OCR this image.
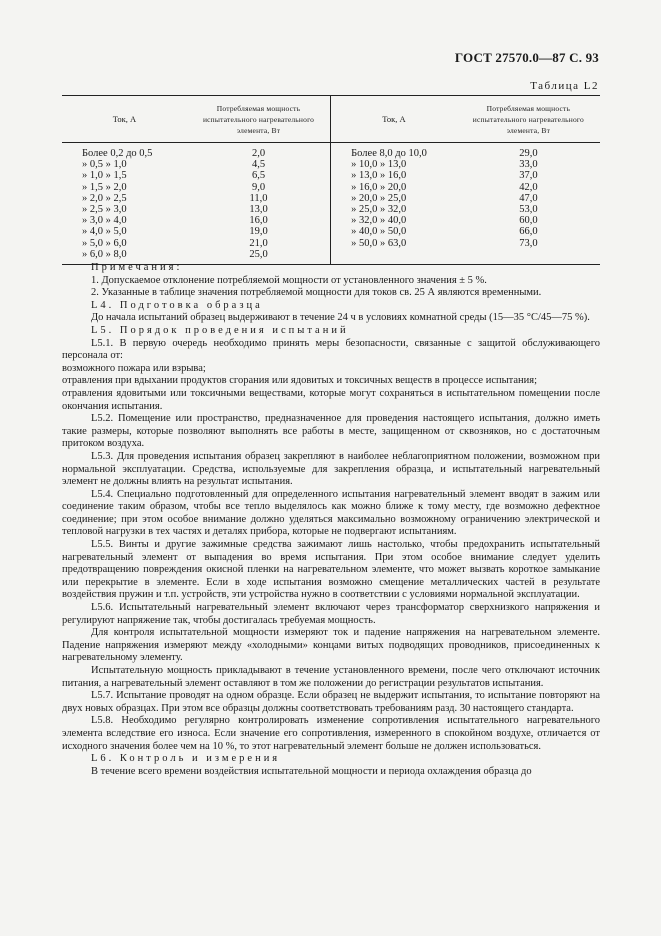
ГОСТ 27570.0—87 С. 93
Таблица L2
Ток, А	Потребляемая мощность испытательного нагревательного элемента, Вт	Ток, А	Потребляемая мощность испытательного нагревательного элемента, Вт
Более 0,2 до 0,5	2,0	Более 8,0 до 10,0	29,0
» 0,5 » 1,0	4,5	» 10,0 » 13,0	33,0
» 1,0 » 1,5	6,5	» 13,0 » 16,0	37,0
» 1,5 » 2,0	9,0	» 16,0 » 20,0	42,0
» 2,0 » 2,5	11,0	» 20,0 » 25,0	47,0
» 2,5 » 3,0	13,0	» 25,0 » 32,0	53,0
» 3,0 » 4,0	16,0	» 32,0 » 40,0	60,0
» 4,0 » 5,0	19,0	» 40,0 » 50,0	66,0
» 5,0 » 6,0	21,0	» 50,0 » 63,0	73,0
» 6,0 » 8,0	25,0		

Примечания:

1. Допускаемое отклонение потребляемой мощности от установленного значения ± 5 %.

2. Указанные в таблице значения потребляемой мощности для токов св. 25 А являются временными.

L4. Подготовка образца

До начала испытаний образец выдерживают в течение 24 ч в условиях комнатной среды (15—35 °С/45—75 %).

L5. Порядок проведения испытаний

L5.1. В первую очередь необходимо принять меры безопасности, связанные с защитой обслуживающего персонала от:

возможного пожара или взрыва;

отравления при вдыхании продуктов сгорания или ядовитых и токсичных веществ в процессе испытания;

отравления ядовитыми или токсичными веществами, которые могут сохраняться в испытательном помещении после окончания испытания.

L5.2. Помещение или пространство, предназначенное для проведения настоящего испытания, должно иметь такие размеры, которые позволяют выполнять все работы в месте, защищенном от сквозняков, но с достаточным притоком воздуха.

L5.3. Для проведения испытания образец закрепляют в наиболее неблагоприятном положении, возможном при нормальной эксплуатации. Средства, используемые для закрепления образца, и испытательный нагревательный элемент не должны влиять на результат испытания.

L5.4. Специально подготовленный для определенного испытания нагревательный элемент вводят в зажим или соединение таким образом, чтобы все тепло выделялось как можно ближе к тому месту, где возможно дефектное соединение; при этом особое внимание должно уделяться максимально возможному ограничению электрической и тепловой нагрузки в тех частях и деталях прибора, которые не подвергают испытаниям.

L5.5. Винты и другие зажимные средства зажимают лишь настолько, чтобы предохранить испытательный нагревательный элемент от выпадения во время испытания. При этом особое внимание следует уделить предотвращению повреждения окисной пленки на нагревательном элементе, что может вызвать короткое замыкание или перекрытие в элементе. Если в ходе испытания возможно смещение металлических частей в результате воздействия пружин и т.п. устройств, эти устройства нужно в соответствии с условиями нормальной эксплуатации.

L5.6. Испытательный нагревательный элемент включают через трансформатор сверхнизкого напряжения и регулируют напряжение так, чтобы достигалась требуемая мощность.

Для контроля испытательной мощности измеряют ток и падение напряжения на нагревательном элементе. Падение напряжения измеряют между «холодными» концами витых подводящих проводников, присоединенных к нагревательному элементу.

Испытательную мощность прикладывают в течение установленного времени, после чего отключают источник питания, а нагревательный элемент оставляют в том же положении до регистрации результатов испытания.

L5.7. Испытание проводят на одном образце. Если образец не выдержит испытания, то испытание повторяют на двух новых образцах. При этом все образцы должны соответствовать требованиям разд. 30 настоящего стандарта.

L5.8. Необходимо регулярно контролировать изменение сопротивления испытательного нагревательного элемента вследствие его износа. Если значение его сопротивления, измеренного в спокойном воздухе, отличается от исходного значения более чем на 10 %, то этот нагревательный элемент больше не должен использоваться.

L6. Контроль и измерения

В течение всего времени воздействия испытательной мощности и периода охлаждения образца до
